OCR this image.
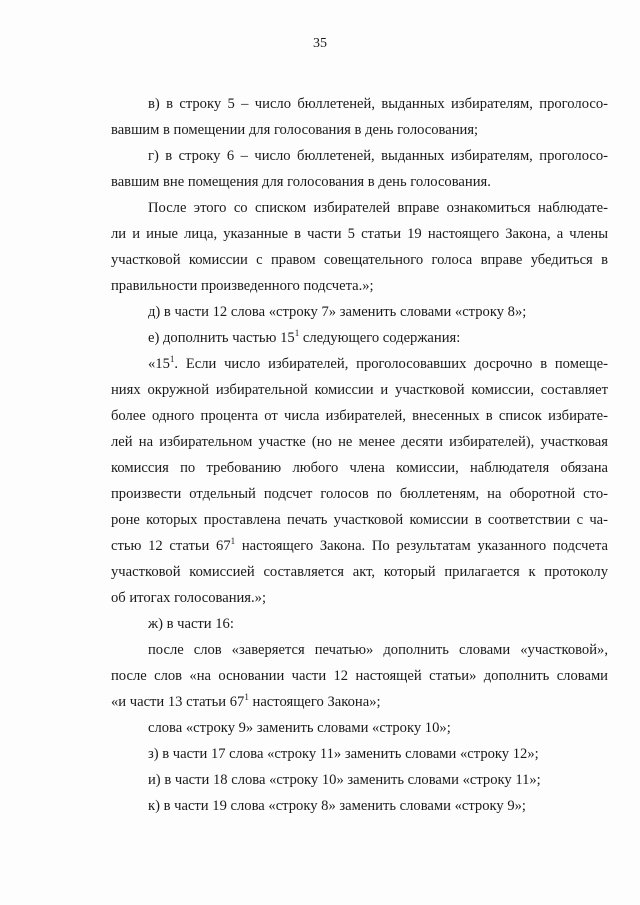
35

в) в строку 5 – число бюллетеней, выданных избирателям, проголосо-

вавшим в помещении для голосования в день голосования;

г) в строку 6 – число бюллетеней, выданных избирателям, проголосо-

вавшим вне помещения для голосования в день голосования.

После этого со списком избирателей вправе ознакомиться наблюдате-

ли и иные лица, указанные в части 5 статьи 19 настоящего Закона, а члены

участковой комиссии с правом совещательного голоса вправе убедиться в

правильности произведенного подсчета.»;

д) в части 12 слова «строку 7» заменить словами «строку 8»;

е) дополнить частью $15^1$ следующего содержания:

«$15^1$. Если число избирателей, проголосовавших досрочно в помеще-

ниях окружной избирательной комиссии и участковой комиссии, составляет

более одного процента от числа избирателей, внесенных в список избирате-

лей на избирательном участке (но не менее десяти избирателей), участковая

комиссия по требованию любого члена комиссии, наблюдателя обязана

произвести отдельный подсчет голосов по бюллетеням, на оборотной сто-

роне которых проставлена печать участковой комиссии в соответствии с ча-

стью 12 статьи $67^1$ настоящего Закона. По результатам указанного подсчета

участковой комиссией составляется акт, который прилагается к протоколу

об итогах голосования.»;

ж) в части 16:

после слов «заверяется печатью» дополнить словами «участковой»,

после слов «на основании части 12 настоящей статьи» дополнить словами

«и части 13 статьи $67^1$ настоящего Закона»;

слова «строку 9» заменить словами «строку 10»;

з) в части 17 слова «строку 11» заменить словами «строку 12»;

и) в части 18 слова «строку 10» заменить словами «строку 11»;

к) в части 19 слова «строку 8» заменить словами «строку 9»;
